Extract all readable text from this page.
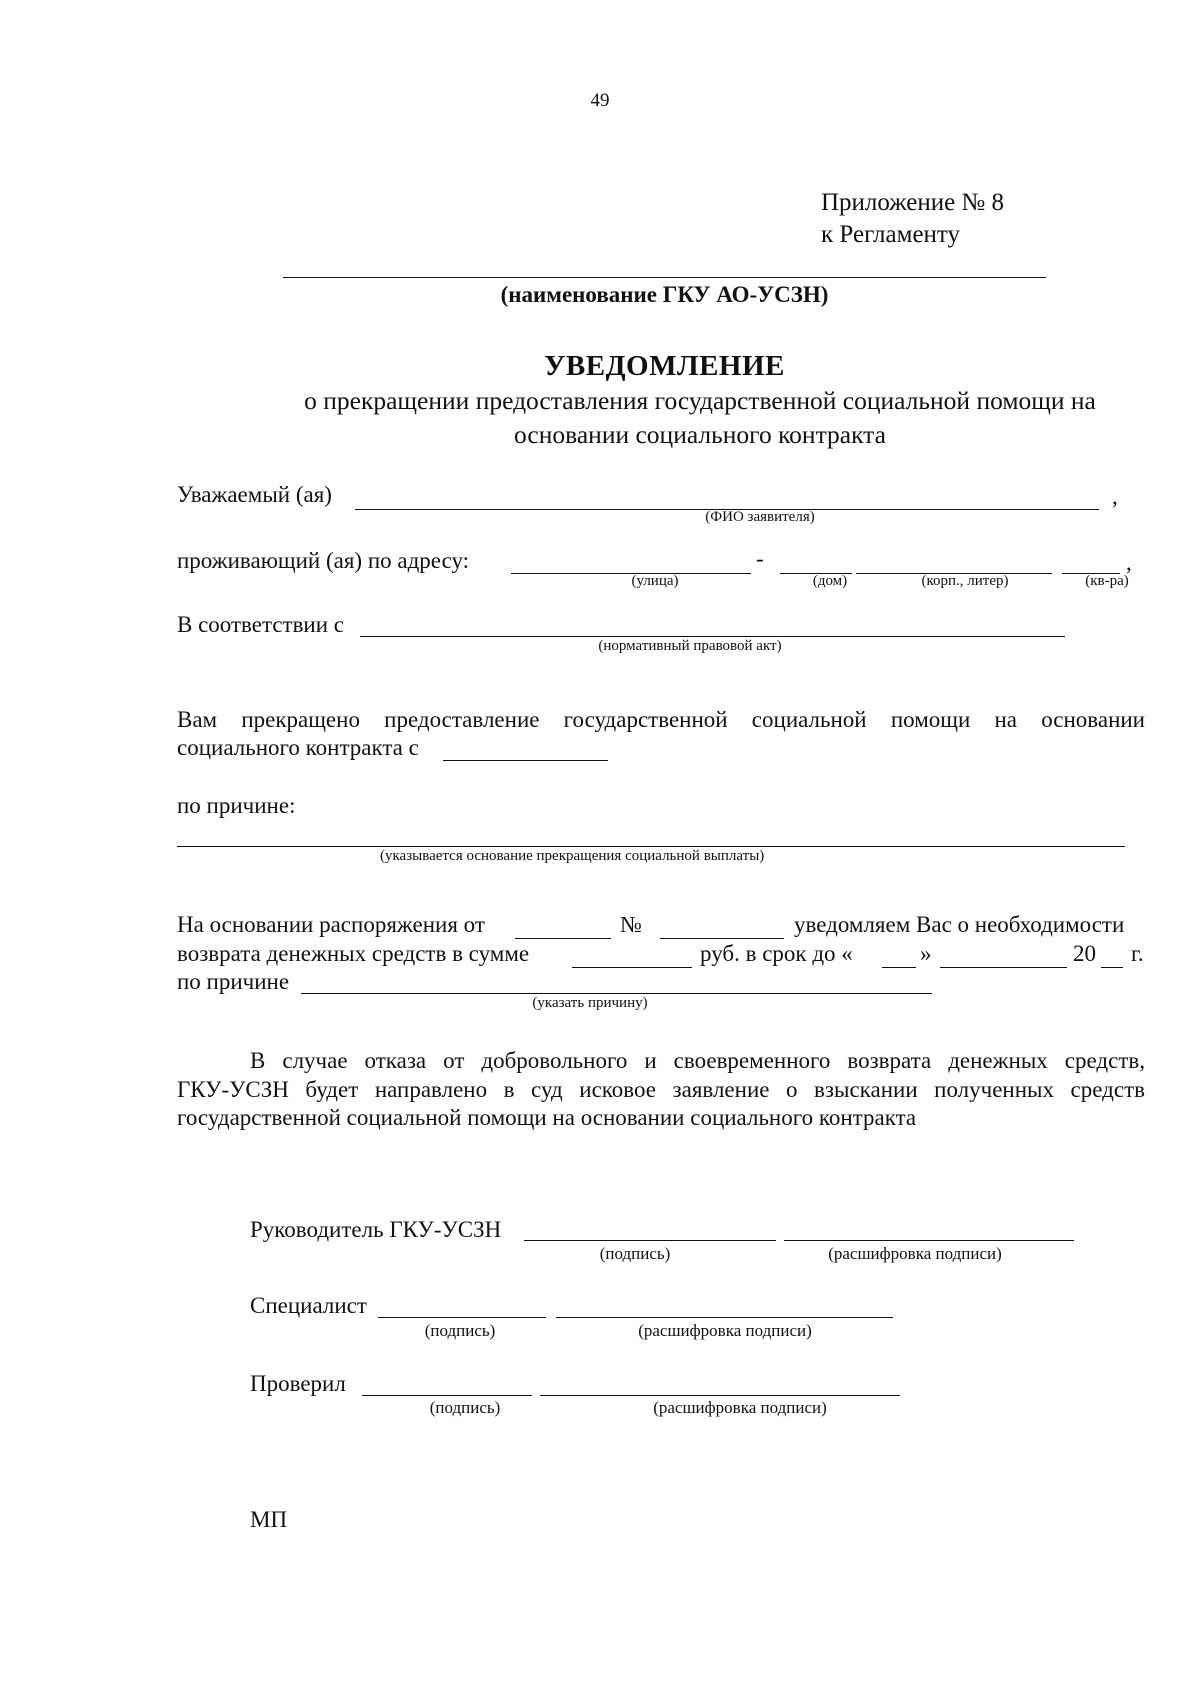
49
Приложение № 8
к Регламенту
(наименование ГКУ АО-УСЗН)
УВЕДОМЛЕНИЕ
о прекращении предоставления государственной социальной помощи на
основании социального контракта
Уважаемый (ая)	,
(ФИО заявителя)
проживающий (ая) по адресу:	-	,
(улица)	(дом)	(корп., литер)	(кв-ра)
В соответствии с
(нормативный правовой акт)
Вам прекращено предоставление государственной социальной помощи на основании
социального контракта с
по причине:
(указывается основание прекращения социальной выплаты)
На основании распоряжения от	№	уведомляем Вас о необходимости
возврата денежных средств в сумме	руб. в срок до «	»	20 г.
по причине
(указать причину)
В случае отказа от добровольного и своевременного возврата денежных средств,
ГКУ-УСЗН будет направлено в суд исковое заявление о взыскании полученных средств
государственной социальной помощи на основании социального контракта
Руководитель ГКУ-УСЗН
(подпись)	(расшифровка подписи)
Специалист
(подпись)	(расшифровка подписи)
Проверил
(подпись)	(расшифровка подписи)
МП
